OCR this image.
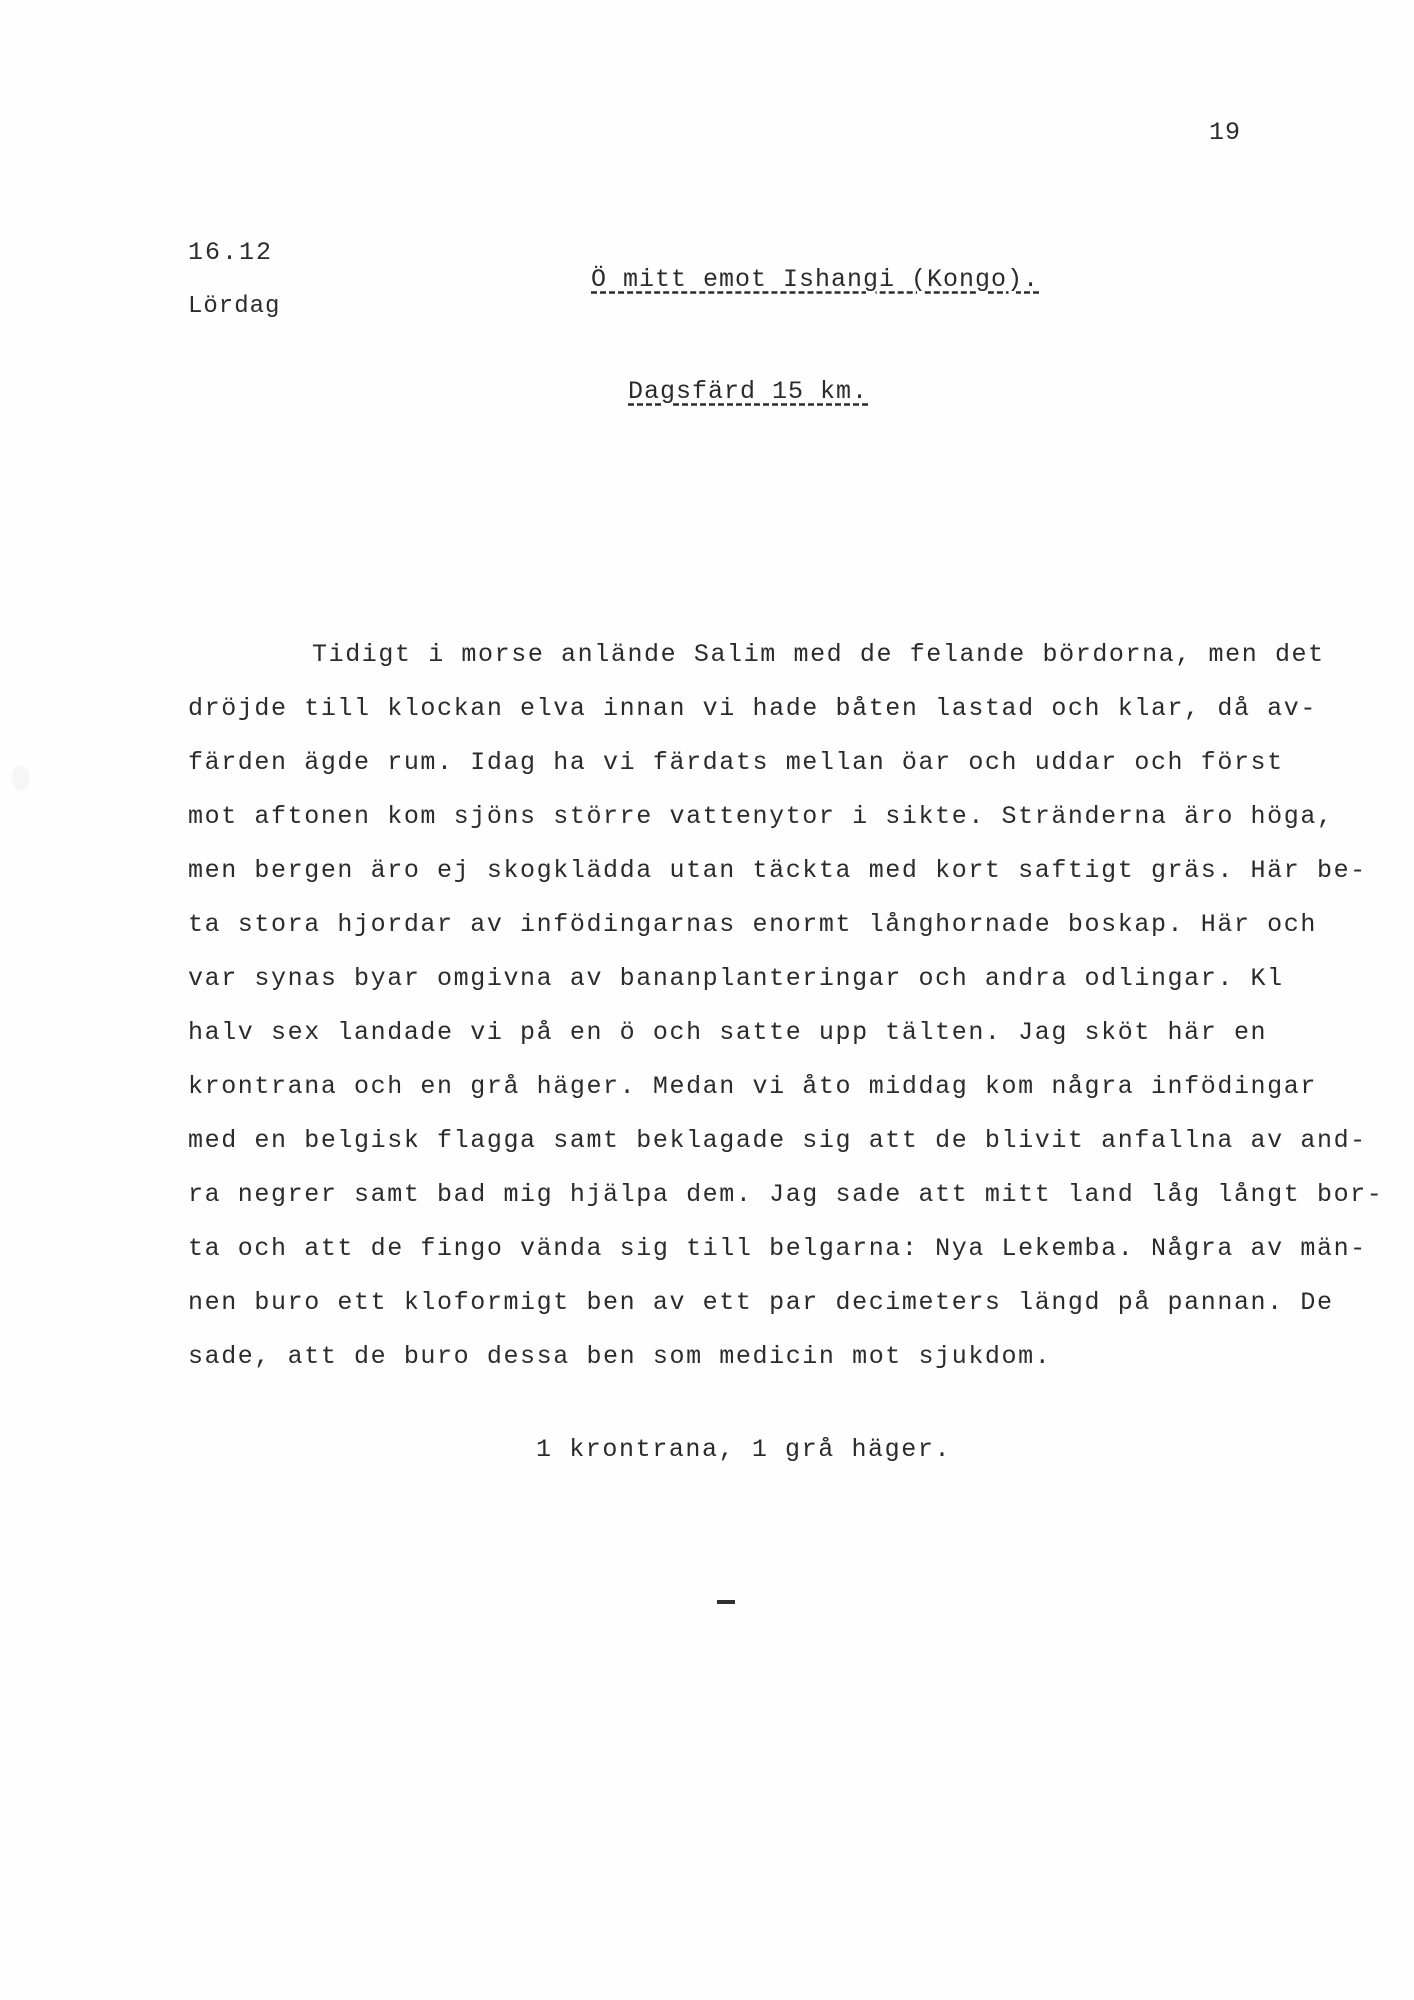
19
16.12
Lördag
Ö mitt emot Ishangi (Kongo).
Dagsfärd 15 km.
Tidigt i morse anlände Salim med de felande bördorna, men det
dröjde till klockan elva innan vi hade båten lastad och klar, då av-
färden ägde rum. Idag ha vi färdats mellan öar och uddar och först
mot aftonen kom sjöns större vattenytor i sikte. Stränderna äro höga,
men bergen äro ej skogklädda utan täckta med kort saftigt gräs. Här be-
ta stora hjordar av infödingarnas enormt långhornade boskap. Här och
var synas byar omgivna av bananplanteringar och andra odlingar. Kl
halv sex landade vi på en ö och satte upp tälten. Jag sköt här en
krontrana och en grå häger. Medan vi åto middag kom några infödingar
med en belgisk flagga samt beklagade sig att de blivit anfallna av and-
ra negrer samt bad mig hjälpa dem. Jag sade att mitt land låg långt bor-
ta och att de fingo vända sig till belgarna: Nya Lekemba. Några av män-
nen buro ett kloformigt ben av ett par decimeters längd på pannan. De
sade, att de buro dessa ben som medicin mot sjukdom.
1 krontrana, 1 grå häger.
